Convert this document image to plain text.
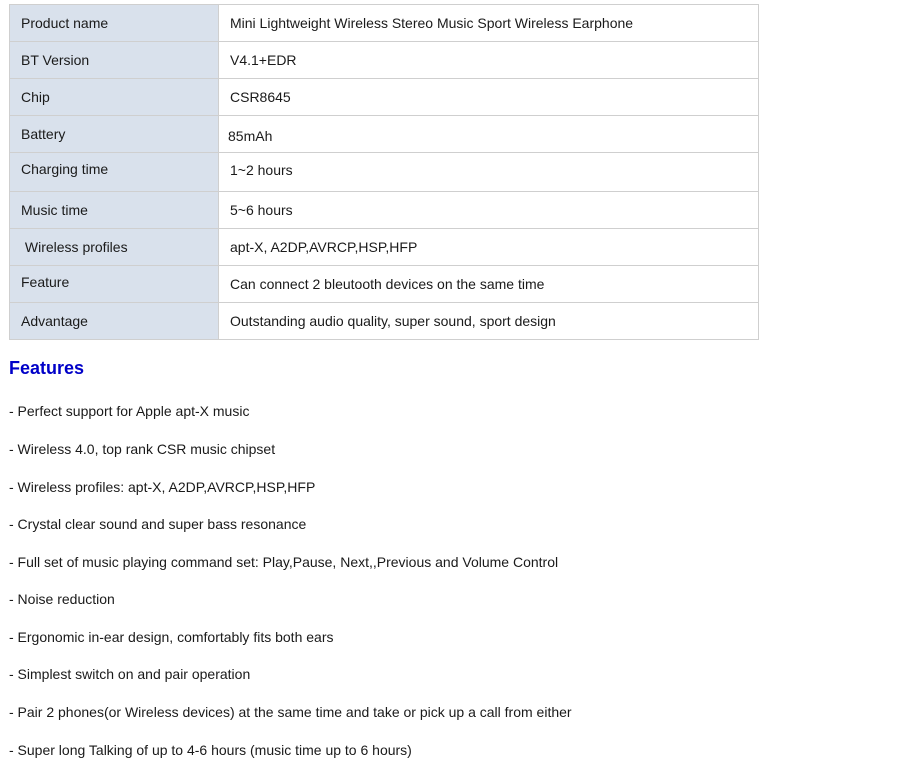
Product name	Mini Lightweight Wireless Stereo Music Sport Wireless Earphone
BT Version	V4.1+EDR
Chip	CSR8645
Battery	85mAh
Charging time	1~2 hours
Music time	5~6 hours
Wireless profiles	apt-X, A2DP,AVRCP,HSP,HFP
Feature	Can connect 2 bleutooth devices on the same time
Advantage	Outstanding audio quality, super sound, sport design
Features
- Perfect support for Apple apt-X music
- Wireless 4.0, top rank CSR music chipset
- Wireless profiles: apt-X, A2DP,AVRCP,HSP,HFP
- Crystal clear sound and super bass resonance
- Full set of music playing command set: Play,Pause, Next,,Previous and Volume Control
- Noise reduction
- Ergonomic in-ear design, comfortably fits both ears
- Simplest switch on and pair operation
- Pair 2 phones(or Wireless devices) at the same time and take or pick up a call from either
- Super long Talking of up to 4-6 hours (music time up to 6 hours)
